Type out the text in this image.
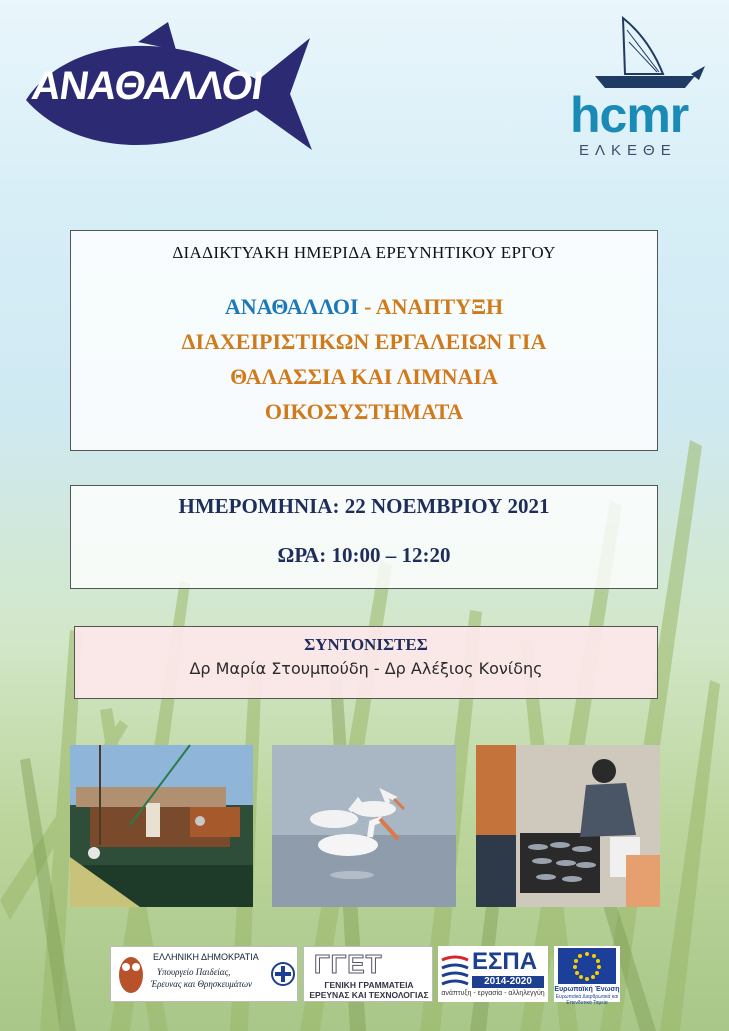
ΑΝΑΘΑΛΛΟΙ
hcmr
ΕΛΚΕΘΕ
ΔΙΑΔΙΚΤΥΑΚΗ ΗΜΕΡΙΔΑ ΕΡΕΥΝΗΤΙΚΟΥ ΕΡΓΟΥ
ΑΝΑΘΑΛΛΟΙ - ΑΝΑΠΤΥΞΗ
ΔΙΑΧΕΙΡΙΣΤΙΚΩΝ ΕΡΓΑΛΕΙΩΝ ΓΙΑ
ΘΑΛΑΣΣΙΑ ΚΑΙ ΛΙΜΝΑΙΑ
ΟΙΚΟΣΥΣΤΗΜΑΤΑ
ΗΜΕΡΟΜΗΝΙΑ: 22 ΝΟΕΜΒΡΙΟΥ 2021
ΩΡΑ: 10:00 – 12:20
ΣΥΝΤΟΝΙΣΤΕΣ
Δρ Μαρία Στουμπούδη - Δρ Αλέξιος Κονίδης
ΕΛΛΗΝΙΚΗ ΔΗΜΟΚΡΑΤΙΑ
Υπουργείο Παιδείας,
Έρευνας και Θρησκευμάτων
ΓΓΕΤ
ΓΕΝΙΚΗ ΓΡΑΜΜΑΤΕΙΑ
ΕΡΕΥΝΑΣ ΚΑΙ ΤΕΧΝΟΛΟΓΙΑΣ
ΕΣΠΑ
2014-2020
ανάπτυξη - εργασία - αλληλεγγύη
Ευρωπαϊκή Ένωση
Ευρωπαϊκά Διαρθρωτικά και Επενδυτικά Ταμεία
